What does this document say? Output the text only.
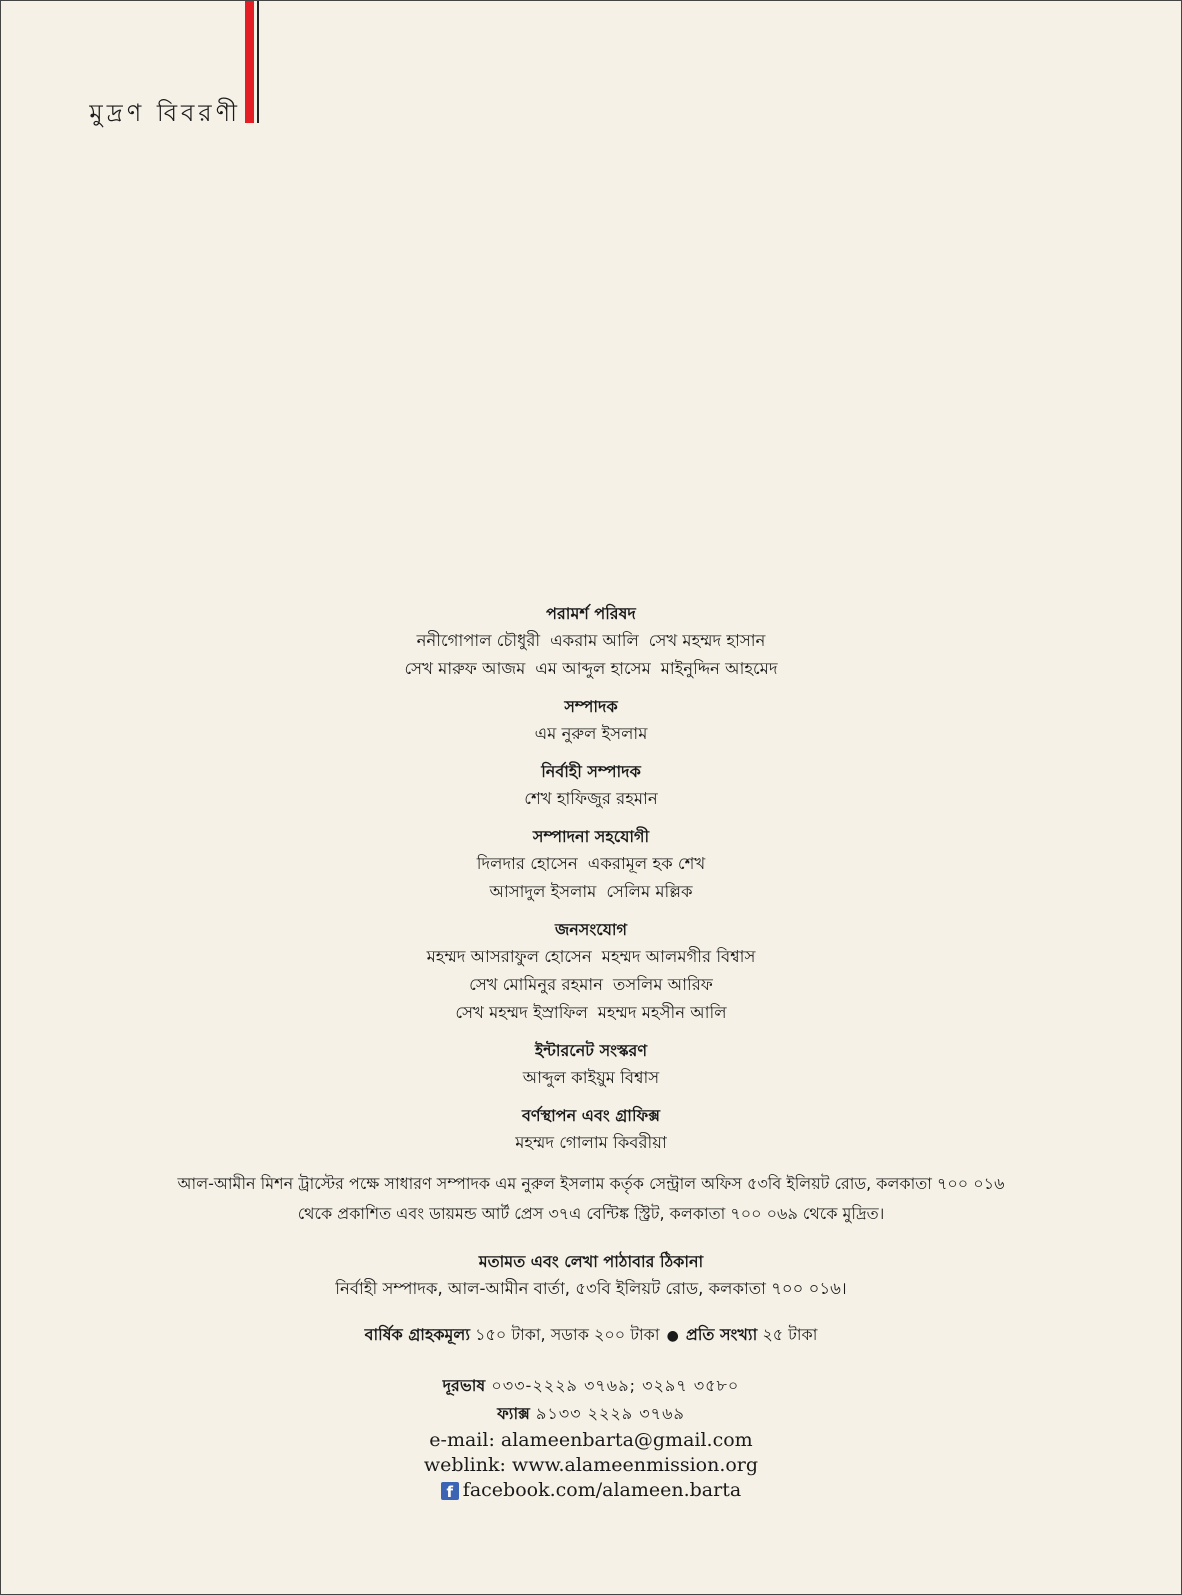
মুদ্রণ বিবরণী
পরামর্শ পরিষদ
ননীগোপাল চৌধুরী একরাম আলি সেখ মহম্মদ হাসান
সেখ মারুফ আজম এম আব্দুল হাসেম মাইনুদ্দিন আহমেদ
সম্পাদক
এম নুরুল ইসলাম
নির্বাহী সম্পাদক
শেখ হাফিজুর রহমান
সম্পাদনা সহযোগী
দিলদার হোসেন একরামূল হক শেখ
আসাদুল ইসলাম সেলিম মল্লিক
জনসংযোগ
মহম্মদ আসরাফুল হোসেন মহম্মদ আলমগীর বিশ্বাস
সেখ মোমিনুর রহমান তসলিম আরিফ
সেখ মহম্মদ ইস্রাফিল মহম্মদ মহসীন আলি
ইন্টারনেট সংস্করণ
আব্দুল কাইয়ুম বিশ্বাস
বর্ণস্থাপন এবং গ্রাফিক্স
মহম্মদ গোলাম কিবরীয়া
আল-আমীন মিশন ট্রাস্টের পক্ষে সাধারণ সম্পাদক এম নুরুল ইসলাম কর্তৃক সেন্ট্রাল অফিস ৫৩বি ইলিয়ট রোড, কলকাতা ৭০০ ০১৬
থেকে প্রকাশিত এবং ডায়মন্ড আর্ট প্রেস ৩৭এ বেন্টিঙ্ক স্ট্রিট, কলকাতা ৭০০ ০৬৯ থেকে মুদ্রিত।
মতামত এবং লেখা পাঠাবার ঠিকানা
নির্বাহী সম্পাদক, আল-আমীন বার্তা, ৫৩বি ইলিয়ট রোড, কলকাতা ৭০০ ০১৬।
বার্ষিক গ্রাহকমূল্য ১৫০ টাকা, সডাক ২০০ টাকা ● প্রতি সংখ্যা ২৫ টাকা
দূরভাষ ০৩৩-২২২৯ ৩৭৬৯; ৩২৯৭ ৩৫৮০
ফ্যাক্স ৯১৩৩ ২২২৯ ৩৭৬৯
e-mail: alameenbarta@gmail.com
weblink: www.alameenmission.org
f facebook.com/alameen.barta
